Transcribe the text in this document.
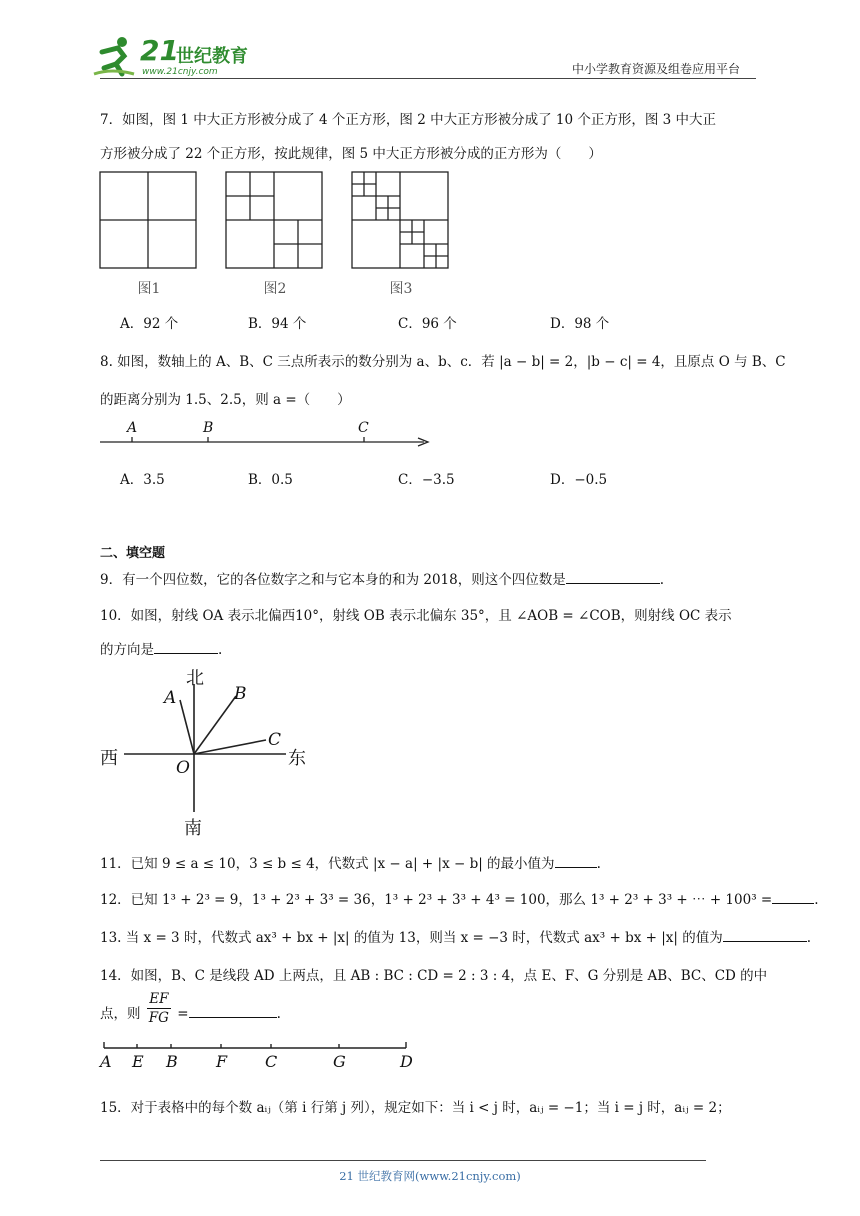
21
世纪教育
www.21cnjy.com	中小学教育资源及组卷应用平台
7．如图，图 1 中大正方形被分成了 4 个正方形，图 2 中大正方形被分成了 10 个正方形，图 3 中大正
方形被分成了 22 个正方形，按此规律，图 5 中大正方形被分成的正方形为（　　）
图1	图2	图3
A．92 个	B．94 个	C．96 个	D．98 个
8. 如图，数轴上的 A、B、C 三点所表示的数分别为 a、b、c．若 |a − b| = 2，|b − c| = 4，且原点 O 与 B、C
的距离分别为 1.5、2.5，则 a =（　　）
A	B	C
A．3.5	B．0.5	C．−3.5	D．−0.5
二、填空题
9．有一个四位数，它的各位数字之和与它本身的和为 2018，则这个四位数是	.
10．如图，射线 OA 表示北偏西10°，射线 OB 表示北偏东 35°，且 ∠AOB = ∠COB，则射线 OC 表示
的方向是	.
北
南
西	东
A	B
C
O
11．已知 9 ≤ a ≤ 10，3 ≤ b ≤ 4，代数式 |x − a| + |x − b| 的最小值为	.
12．已知 1³ + 2³ = 9，1³ + 2³ + 3³ = 36，1³ + 2³ + 3³ + 4³ = 100，那么 1³ + 2³ + 3³ + ⋯ + 100³ =	.
13. 当 x = 3 时，代数式 ax³ + bx + |x| 的值为 13，则当 x = −3 时，代数式 ax³ + bx + |x| 的值为	.
14．如图，B、C 是线段 AD 上两点，且 AB : BC : CD = 2 : 3 : 4，点 E、F、G 分别是 AB、BC、CD 的中
点，则 $\frac{EF}{FG}$ =	.
A E B F C	G	D
15．对于表格中的每个数 aᵢⱼ（第 i 行第 j 列），规定如下：当 i < j 时，aᵢⱼ = −1；当 i = j 时，aᵢⱼ = 2；
21 世纪教育网(www.21cnjy.com)
